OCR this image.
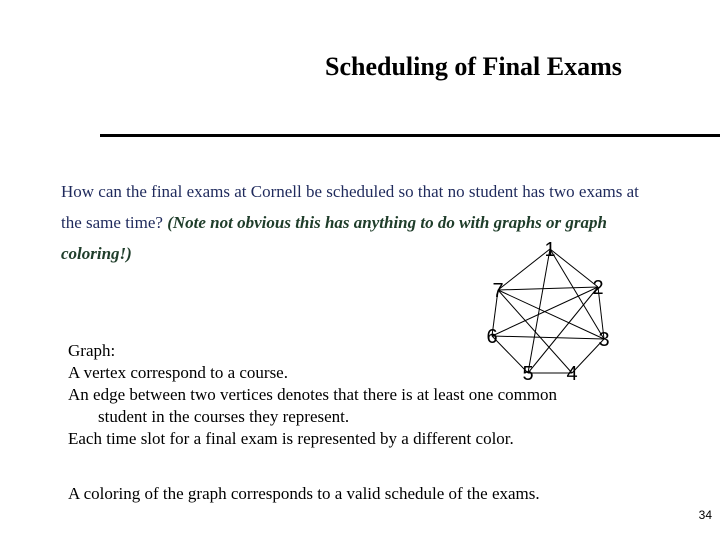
Scheduling of Final Exams
How can the final exams at Cornell be scheduled so that no student has two exams at the same time? (Note not obvious this has anything to do with graphs or graph coloring!)	1
2
3
4
5
6
7

Graph:

A vertex correspond to a course.

An edge between two vertices denotes that there is at least one common

student in the courses they represent.

Each time slot for a final exam is represented by a different color.

A coloring of the graph corresponds to a valid schedule of the exams.
34
